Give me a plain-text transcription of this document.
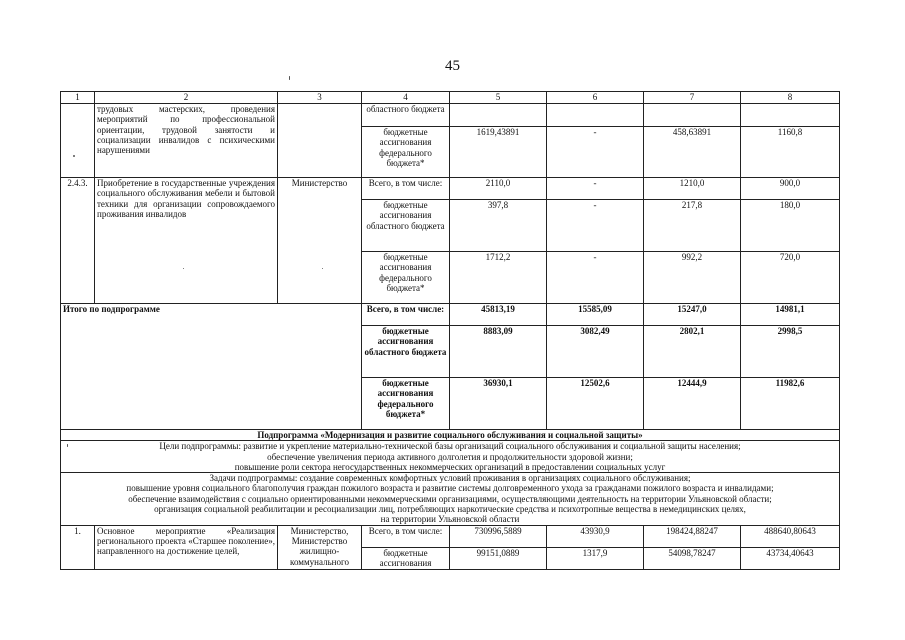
45
1	2	3	4	5	6	7	8
	трудовых мастерских, проведения мероприятий по профессиональной ориентации, трудовой занятости и социализации инвалидов с психическими нарушениями		областного бюджета				
			бюджетные ассигнования федерального бюджета*	1619,43891	-	458,63891	1160,8
2.4.3.	Приобретение в государственные учреждения социального обслуживания мебели и бытовой техники для организации сопровождаемого проживания инвалидов	Министерство	Всего, в том числе:	2110,0	-	1210,0	900,0
			бюджетные ассигнования областного бюджета	397,8	-	217,8	180,0
			бюджетные ассигнования федерального бюджета*	1712,2	-	992,2	720,0
Итого по подпрограмме			Всего, в том числе:	45813,19	15585,09	15247,0	14981,1
			бюджетные ассигнования областного бюджета	8883,09	3082,49	2802,1	2998,5
			бюджетные ассигнования федерального бюджета*	36930,1	12502,6	12444,9	11982,6
Подпрограмма «Модернизация и развитие социального обслуживания и социальной защиты»							

Цели подпрограммы: развитие и укрепление материально-технической базы организаций социального обслуживания и социальной защиты населения;
обеспечение увеличения периода активного долголетия и продолжительности здоровой жизни;
повышение роли сектора негосударственных некоммерческих организаций в предоставлении социальных услуг							

Задачи подпрограммы: создание современных комфортных условий проживания в организациях социального обслуживания;
повышение уровня социального благополучия граждан пожилого возраста и развитие системы долговременного ухода за гражданами пожилого возраста и инвалидами;
обеспечение взаимодействия с социально ориентированными некоммерческими организациями, осуществляющими деятельность на территории Ульяновской области;
организация социальной реабилитации и ресоциализации лиц, потребляющих наркотические средства и психотропные вещества в немедицинских целях,
на территории Ульяновской области							

1.	Основное мероприятие «Реализация регионального проекта «Старшее поколение», направленного на достижение целей,	Министерство, Министерство жилищно-коммунального	Всего, в том числе:	730996,5889	43930,9	198424,88247	488640,80643
			бюджетные ассигнования	99151,0889	1317,9	54098,78247	43734,40643
